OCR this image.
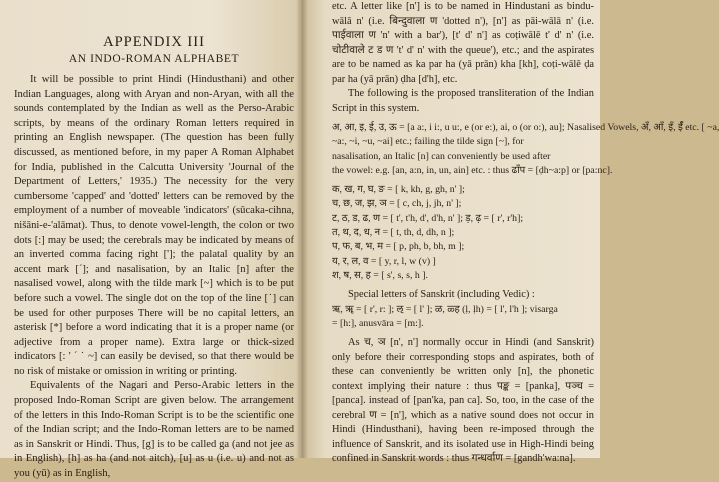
APPENDIX III
AN INDO-ROMAN ALPHABET

It will be possible to print Hindi (Hindusthani) and other Indian Languages, along with Aryan and non-Aryan, with all the sounds contemplated by the Indian as well as the Perso-Arabic scripts, by means of the ordinary Roman letters required in printing an English newspaper. (The question has been fully discussed, as mentioned before, in my paper A Roman Alphabet for India, published in the Calcutta University 'Journal of the Department of Letters,' 1935.) The necessity for the very cumbersome 'capped' and 'dotted' letters can be removed by the employment of a number of moveable 'indicators' (sūcaka-cihna, nišāni-e-'alāmat). Thus, to denote vowel-length, the colon or two dots [:] may be used; the cerebrals may be indicated by means of an inverted comma facing right [']; the palatal quality by an accent mark [´]; and nasalisation, by an Italic [n] after the nasalised vowel, along with the tilde mark [~] which is to be put before such a vowel. The single dot on the top of the line [˙] can be used for other purposes There will be no capital letters, an asterisk [*] before a word indicating that it is a proper name (or adjective from a proper name). Extra large or thick-sized indicators [: ' ´ ˙ ~] can easily be devised, so that there would be no risk of mistake or omission in writing or printing.

Equivalents of the Nagari and Perso-Arabic letters in the proposed Indo-Roman Script are given below. The arrangement of the letters in this Indo-Roman Script is to be the scientific one of the Indian script; and the Indo-Roman letters are to be named as in Sanskrit or Hindi. Thus, [g] is to be called ga (and not jee as in English), [h] as ha (and not aitch), [u] as u (i.e. u) and not as you (yū) as in English,

etc. A letter like [n'] is to be named in Hindustani as bindu-wālā n' (i.e. बिन्दुवाला ण 'dotted n'), [n'] as pāi-wālā n' (i.e. पाईवाला ण 'n' with a bar'), [t' d' n'] as coṭiwālē t' d' n' (i.e. चोटीवाले ट ड ण 't' d' n' with the queue'), etc.; and the aspirates are to be named as ka par ha (yā prān) kha [kh], coṭi-wālē ḍa par ha (yā prān) ḍha [d'h], etc.

The following is the proposed transliteration of the Indian Script in this system.

अ, आ, इ, ई, उ, ऊ = [a a:, i i:, u u:, e (or e:), ai, o (or o:), au]; Nasalised Vowels, अँ, आँ, इँ, ईँ etc. [ ~a,

~a:, ~i, ~u, ~ai] etc.; failing the tilde sign [~], for

nasalisation, an Italic [n] can conveniently be used after

the vowel: e.g. [an, a:n, in, un, ain] etc. : thus ढाँप = [ḍh~a:p] or [pa:nc].

क, ख, ग, घ, ङ = [ k, kh, g, gh, n' ];

च, छ, ज, झ, ञ = [ c, ch, j, jh, n' ];

ट, ठ, ड, ढ, ण = [ t', t'h, d', d'h, n' ]; ड़, ढ़ = [ r', r'h];

त, थ, द, ध, न = [ t, th, d, dh, n ];

प, फ, ब, भ, म = [ p, ph, b, bh, m ];

य, र, ल, व = [ y, r, l, w (v) ]

श, ष, स, ह = [ s', s, s, h ].

Special letters of Sanskrit (including Vedic) :

ऋ, ॠ = [ r', r: ]; ऌ = [ l' ]; ळ, ळ्ह (ḷ, ḷh) = [ l', l'h ]; visarga

= [h:], anusvāra = [m:].

As च, ञ [n', n'] normally occur in Hindi (and Sanskrit) only before their corresponding stops and aspirates, both of these can conveniently be written only [n], the phonetic context implying their nature : thus पङ्क = [panka], पञ्च = [panca]. instead of [pan'ka, pan ca]. So, too, in the case of the cerebral ण = [n'], which as a native sound does not occur in Hindi (Hindusthani), having been re-imposed through the influence of Sanskrit, and its isolated use in High-Hindi being confined in Sanskrit words : thus गन्धर्वाण = [gandh'wa:na].
